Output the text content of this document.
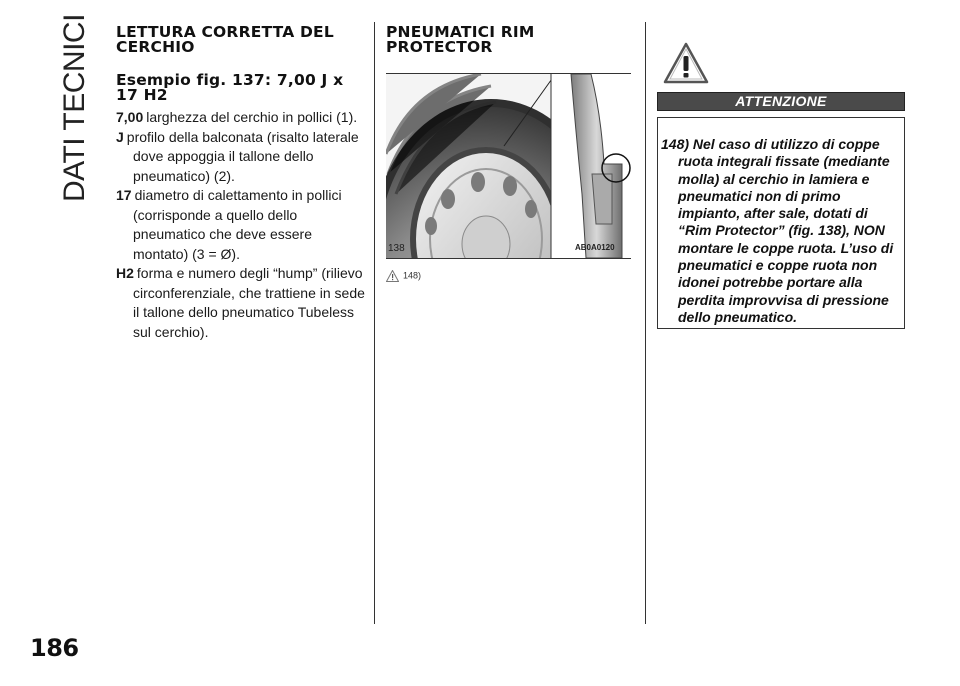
DATI TECNICI LETTURA CORRETTA DEL CERCHIO
Esempio fig. 137: 7,00 J x 17 H2

7,00 larghezza del cerchio in pollici (1).

J profilo della balconata (risalto laterale dove appoggia il tallone dello pneumatico) (2).

17 diametro di calettamento in pollici (corrisponde a quello dello pneumatico che deve essere montato) (3 = Ø).

H2 forma e numero degli “hump” (rilievo circonferenziale, che trattiene in sede il tallone dello pneumatico Tubeless sul cerchio).

PNEUMATICI RIM PROTECTOR
138	AB0A0120
148)
ATTENZIONE
148) Nel caso di utilizzo di coppe ruota integrali fissate (mediante molla) al cerchio in lamiera e pneumatici non di primo impianto, after sale, dotati di “Rim Protector” (fig. 138), NON montare le coppe ruota. L’uso di pneumatici e coppe ruota non idonei potrebbe portare alla perdita improvvisa di pressione dello pneumatico.
186
